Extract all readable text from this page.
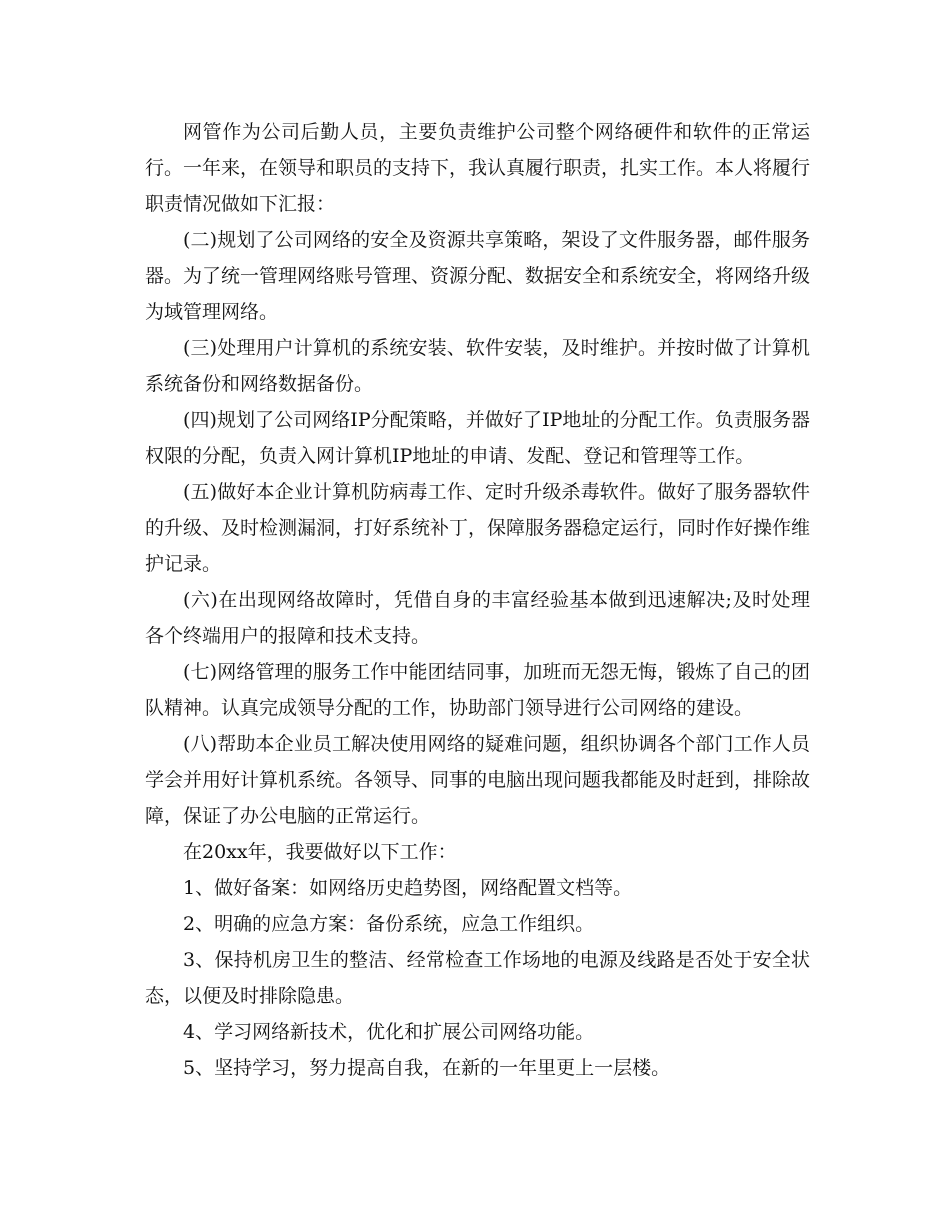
网管作为公司后勤人员，主要负责维护公司整个网络硬件和软件的正常运行。一年来，在领导和职员的支持下，我认真履行职责，扎实工作。本人将履行职责情况做如下汇报：

(二)规划了公司网络的安全及资源共享策略，架设了文件服务器，邮件服务器。为了统一管理网络账号管理、资源分配、数据安全和系统安全，将网络升级为域管理网络。

(三)处理用户计算机的系统安装、软件安装，及时维护。并按时做了计算机系统备份和网络数据备份。

(四)规划了公司网络IP分配策略，并做好了IP地址的分配工作。负责服务器权限的分配，负责入网计算机IP地址的申请、发配、登记和管理等工作。

(五)做好本企业计算机防病毒工作、定时升级杀毒软件。做好了服务器软件的升级、及时检测漏洞，打好系统补丁，保障服务器稳定运行，同时作好操作维护记录。

(六)在出现网络故障时，凭借自身的丰富经验基本做到迅速解决;及时处理各个终端用户的报障和技术支持。

(七)网络管理的服务工作中能团结同事，加班而无怨无悔，锻炼了自己的团队精神。认真完成领导分配的工作，协助部门领导进行公司网络的建设。

(八)帮助本企业员工解决使用网络的疑难问题，组织协调各个部门工作人员学会并用好计算机系统。各领导、同事的电脑出现问题我都能及时赶到，排除故障，保证了办公电脑的正常运行。

在20xx年，我要做好以下工作：

1、做好备案：如网络历史趋势图，网络配置文档等。

2、明确的应急方案：备份系统，应急工作组织。

3、保持机房卫生的整洁、经常检查工作场地的电源及线路是否处于安全状态，以便及时排除隐患。

4、学习网络新技术，优化和扩展公司网络功能。

5、坚持学习，努力提高自我，在新的一年里更上一层楼。
